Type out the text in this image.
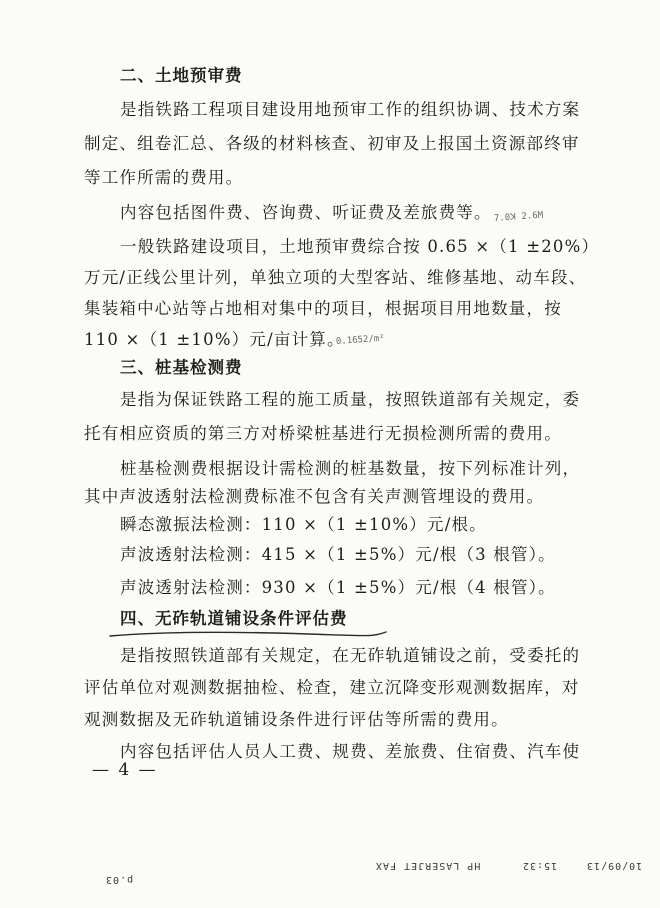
二、土地预审费
是指铁路工程项目建设用地预审工作的组织协调、技术方案
制定、组卷汇总、各级的材料核查、初审及上报国土资源部终审
等工作所需的费用。
内容包括图件费、咨询费、听证费及差旅费等。 7.0ꓘ 2.6M
一般铁路建设项目，土地预审费综合按 0.65 ×（1 ±20%）
万元/正线公里计列，单独立项的大型客站、维修基地、动车段、
集装箱中心站等占地相对集中的项目，根据项目用地数量，按
110 ×（1 ±10%）元/亩计算。
0.1652/m²
三、桩基检测费
是指为保证铁路工程的施工质量，按照铁道部有关规定，委
托有相应资质的第三方对桥梁桩基进行无损检测所需的费用。
桩基检测费根据设计需检测的桩基数量，按下列标准计列，
其中声波透射法检测费标准不包含有关声测管埋设的费用。
瞬态激振法检测：110 ×（1 ±10%）元/根。
声波透射法检测：415 ×（1 ±5%）元/根（3 根管）。
声波透射法检测：930 ×（1 ±5%）元/根（4 根管）。
四、无砟轨道铺设条件评估费
是指按照铁道部有关规定，在无砟轨道铺设之前，受委托的
评估单位对观测数据抽检、检查，建立沉降变形观测数据库，对
观测数据及无砟轨道铺设条件进行评估等所需的费用。
内容包括评估人员人工费、规费、差旅费、住宿费、汽车使
— 4 —
p.03
HP LASERJET FAX	15:32	10/09/13
